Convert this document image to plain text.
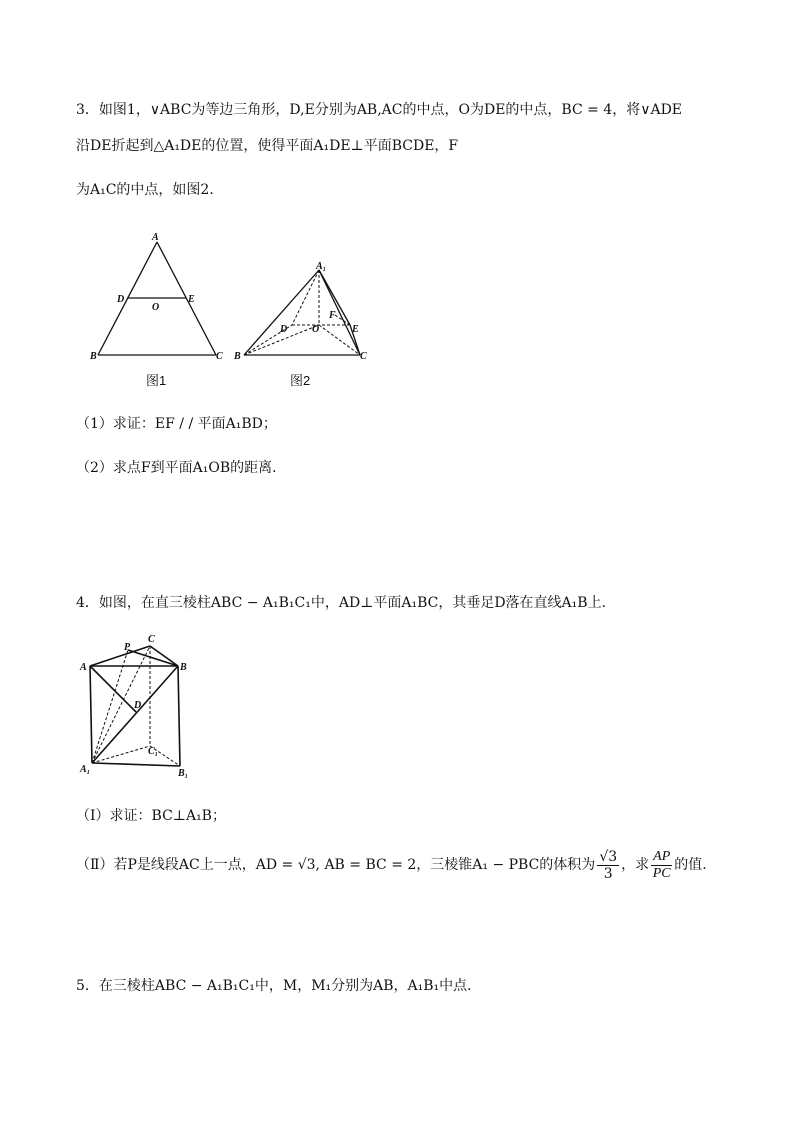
3．如图1，∨ABC为等边三角形，D,E分别为AB,AC的中点，O为DE的中点，BC = 4，将∨ADE
沿DE折起到△A₁DE的位置，使得平面A₁DE⊥平面BCDE，F
为A₁C的中点，如图2．
A
D	E
O
B	C
图1
A₁
D O
F
E
B	C
图2
（1）求证：EF / / 平面A₁BD；
（2）求点F到平面A₁OB的距离．
4．如图，在直三棱柱ABC − A₁B₁C₁中，AD⊥平面A₁BC，其垂足D落在直线A₁B上．
A	B
C
P
D
C₁
A₁	B₁
（Ⅰ）求证：BC⊥A₁B；
（Ⅱ）若P是线段AC上一点，AD = √3, AB = BC = 2，三棱锥A₁ − PBC的体积为 $\frac{√3}{3}$ ，求 $\frac{AP}{PC}$ 的值.
5．在三棱柱ABC − A₁B₁C₁中，M，M₁分别为AB，A₁B₁中点．
